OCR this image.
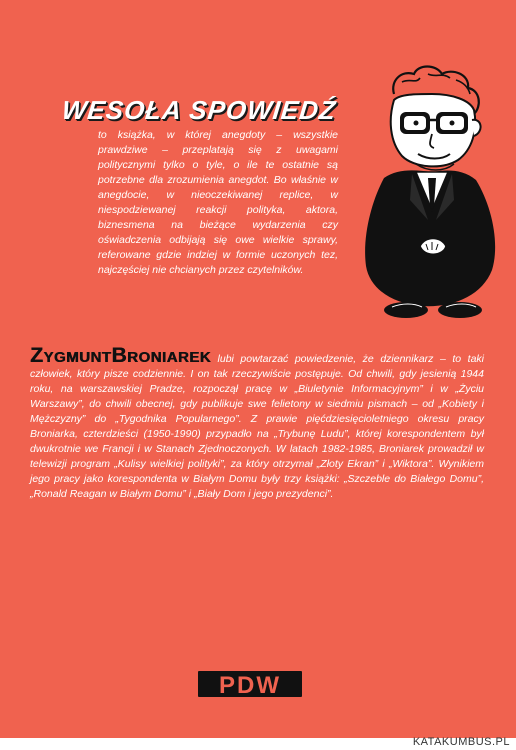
WESOŁA SPOWIEDŹ

to książka, w której anegdoty – wszystkie prawdziwe – przeplatają się z uwagami politycznymi tylko o tyle, o ile te ostatnie są potrzebne dla zrozumienia anegdot. Bo właśnie w anegdocie, w nieoczekiwanej replice, w niespodziewanej reakcji polityka, aktora, biznesmena na bieżące wydarzenia czy oświadczenia odbijają się owe wielkie sprawy, referowane gdzie indziej w formie uczonych tez, najczęściej nie chcianych przez czytelników.

ZygmuntBroniarek lubi powtarzać powiedzenie, że dziennikarz – to taki człowiek, który pisze codziennie. I on tak rzeczywiście postępuje. Od chwili, gdy jesienią 1944 roku, na warszawskiej Pradze, rozpoczął pracę w „Biuletynie Informacyjnym” i w „Życiu Warszawy”, do chwili obecnej, gdy publikuje swe felietony w siedmiu pismach – od „Kobiety i Mężczyzny” do „Tygodnika Popularnego”. Z prawie pięćdziesięcioletniego okresu pracy Broniarka, czterdzieści (1950-1990) przypadło na „Trybunę Ludu”, której korespondentem był dwukrotnie we Francji i w Stanach Zjednoczonych. W latach 1982-1985, Broniarek prowadził w telewizji program „Kulisy wielkiej polityki”, za który otrzymał „Złoty Ekran” i „Wiktora”. Wynikiem jego pracy jako korespondenta w Białym Domu były trzy książki: „Szczeble do Białego Domu”, „Ronald Reagan w Białym Domu” i „Biały Dom i jego prezydenci”.

PDW
KATAKUMBUS.PL
